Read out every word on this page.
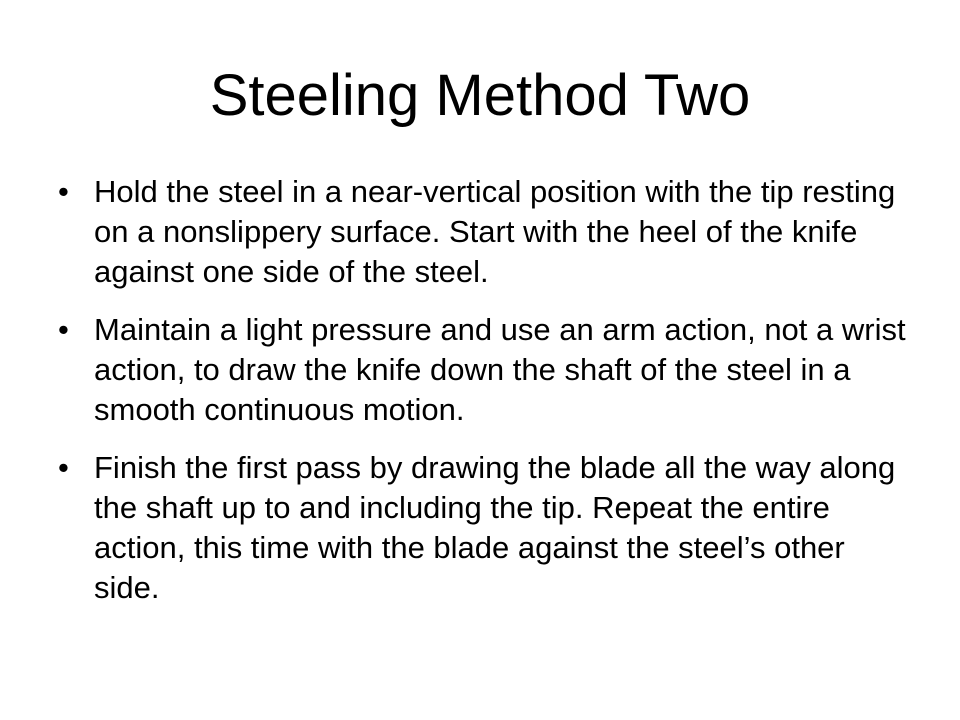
Steeling Method Two
• Hold the steel in a near-vertical position with the tip resting on a nonslippery surface. Start with the heel of the knife against one side of the steel.
• Maintain a light pressure and use an arm action, not a wrist action, to draw the knife down the shaft of the steel in a smooth continuous motion.
• Finish the first pass by drawing the blade all the way along the shaft up to and including the tip. Repeat the entire action, this time with the blade against the steel’s other side.
